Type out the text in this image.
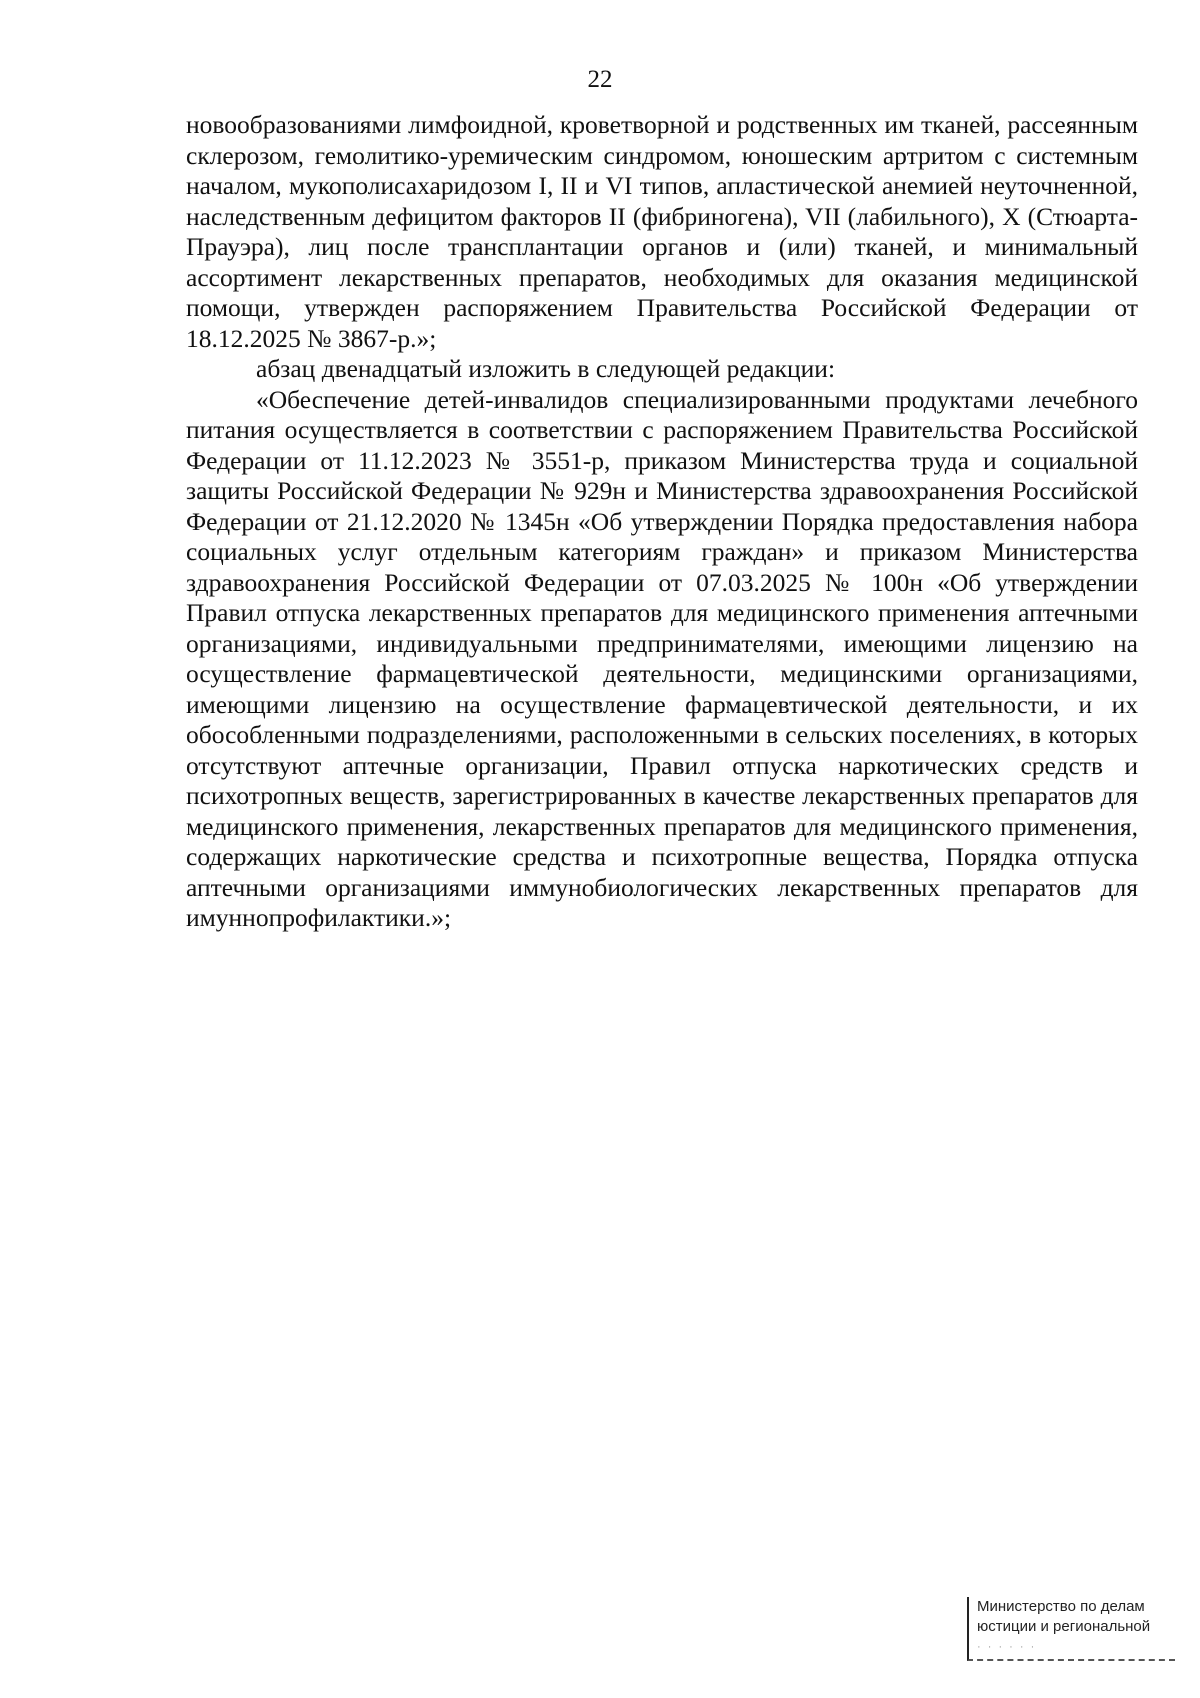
22

новообразованиями лимфоидной, кроветворной и родственных им тканей, рассеянным склерозом, гемолитико-уремическим синдромом, юношеским артритом с системным началом, мукополисахаридозом I, II и VI типов, апластической анемией неуточненной, наследственным дефицитом факторов II (фибриногена), VII (лабильного), X (Стюарта-Прауэра), лиц после трансплантации органов и (или) тканей, и минимальный ассортимент лекарственных препаратов, необходимых для оказания медицинской помощи, утвержден распоряжением Правительства Российской Федерации от 18.12.2025 № 3867-р.»;

абзац двенадцатый изложить в следующей редакции:

«Обеспечение детей-инвалидов специализированными продуктами лечебного питания осуществляется в соответствии с распоряжением Правительства Российской Федерации от 11.12.2023 № 3551-р, приказом Министерства труда и социальной защиты Российской Федерации № 929н и Министерства здравоохранения Российской Федерации от 21.12.2020 № 1345н «Об утверждении Порядка предоставления набора социальных услуг отдельным категориям граждан» и приказом Министерства здравоохранения Российской Федерации от 07.03.2025 № 100н «Об утверждении Правил отпуска лекарственных препаратов для медицинского применения аптечными организациями, индивидуальными предпринимателями, имеющими лицензию на осуществление фармацевтической деятельности, медицинскими организациями, имеющими лицензию на осуществление фармацевтической деятельности, и их обособленными подразделениями, расположенными в сельских поселениях, в которых отсутствуют аптечные организации, Правил отпуска наркотических средств и психотропных веществ, зарегистрированных в качестве лекарственных препаратов для медицинского применения, лекарственных препаратов для медицинского применения, содержащих наркотические средства и психотропные вещества, Порядка отпуска аптечными организациями иммунобиологических лекарственных препаратов для имуннопрофилактики.»;

Министерство по делам
юстиции и региональной
· · · · · ·
